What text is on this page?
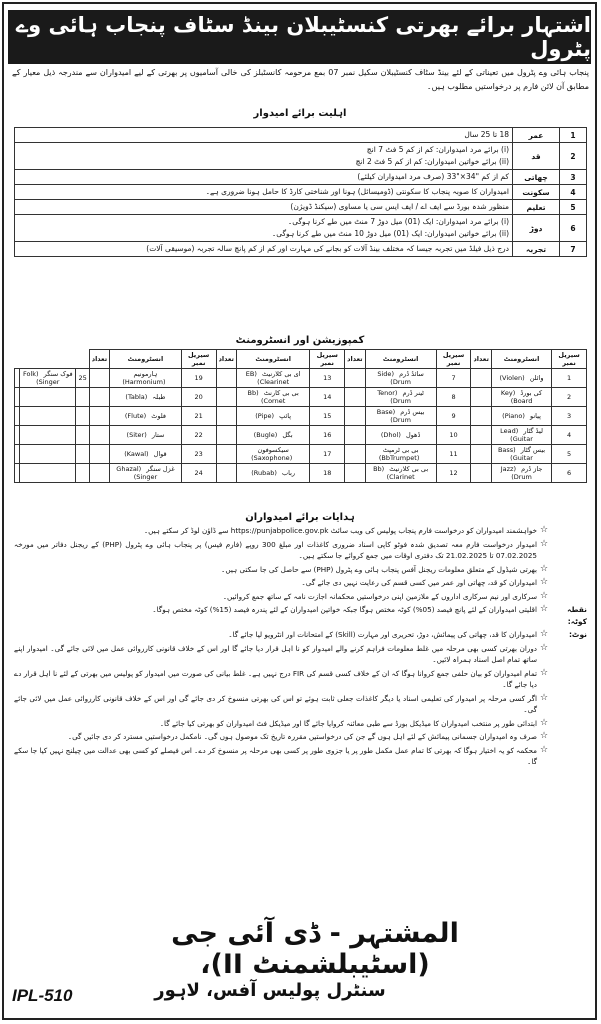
اشتہار برائے بھرتی کنسٹیبلان بینڈ سٹاف پنجاب ہائی وے پٹرول
پنجاب ہائی وے پٹرول میں تعیناتی کے لئے بینڈ سٹاف کنسٹیبلان سکیل نمبر 07 بمع مرحومہ کانسٹبلز کی خالی آسامیوں پر بھرتی کے لیے امیدواران سے مندرجہ ذیل معیار کے مطابق آن لائن فارم پر درخواستیں مطلوب ہیں۔
اہلیت برائے امیدوار
1	عمر	18 تا 25 سال

2	قد	(i) برائے مرد امیدواران: کم از کم 5 فٹ 7 انچ
(ii) برائے خواتین امیدواران: کم از کم 5 فٹ 2 انچ

3	چھاتی	کم از کم "34×"33 (صرف مرد امیدواران کیلئے)

4	سکونت	امیدواران کا صوبہ پنجاب کا سکونتی (ڈومیسائل) ہونا اور شناختی کارڈ کا حامل ہونا ضروری ہے۔

5	تعلیم	منظور شدہ بورڈ سے ایف اے / ایف ایس سی یا مساوی (سیکنڈ ڈویژن)

6	دوڑ	(i) برائے مرد امیدواران: ایک (01) میل دوڑ 7 منٹ میں طے کرنا ہوگی۔
(ii) برائے خواتین امیدواران: ایک (01) میل دوڑ 10 منٹ میں طے کرنا ہوگی۔

7	تجربہ	درج ذیل فیلڈ میں تجربہ جیسا کہ مختلف بینڈ آلات کو بجانے کی مہارت اور کم از کم پانچ سالہ تجربہ (موسیقی آلات)
کمپوزیشن اور انسٹرومنٹ
سیریل نمبر	انسٹرومنٹ	تعداد	سیریل نمبر	انسٹرومنٹ	تعداد	سیریل نمبر	انسٹرومنٹ	تعداد	سیریل نمبر	انسٹرومنٹ	تعداد			
1	وائلن (Violen)		7	سائڈ ڈرم (Side Drum)		13	ای بی کلارنیٹ (EB Clearinet)		19	ہارمونیم (Harmonium)		25	فوک سنگر (Folk Singer)	
2	کی بورڈ (Key Board)		8	ٹینر ڈرم (Tenor Drum)		14	بی بی کارنٹ (Bb Cornet)		20	طبلہ (Tabla)				
3	پیانو (Piano)		9	بیس ڈرم (Base Drum)		15	پائپ (Pipe)		21	فلوٹ (Flute)				
4	لیڈ گٹار (Lead Guitar)		10	ڈھول (Dhol)		16	بگل (Bugle)		22	ستار (Siter)				
5	بیس گٹار (Bass Guitar)		11	بی بی ٹرمپٹ (BbTrumpet)		17	سیکسوفون (Saxophone)		23	قوال (Kawal)				
6	جاز ڈرم (Jazz Drum)		12	بی بی کلارنیٹ (Bb Clarinet)		18	رباب (Rubab)		24	غزل سنگر (Ghazal Singer)				
ہدایات برائے امیدواران
☆
خواہشمند امیدواران کو درخواست فارم پنجاب پولیس کی ویب سائٹ https://punjabpolice.gov.pk سے ڈاؤن لوڈ کر سکتے ہیں۔
☆
امیدوار درخواست فارم معہ تصدیق شدہ فوٹو کاپی اسناد ضروری کاغذات اور مبلغ 300 روپے (فارم فیس) پر پنجاب ہائی وے پٹرول (PHP) کے ریجنل دفاتر میں مورخہ 07.02.2025 تا 21.02.2025 تک دفتری اوقات میں جمع کروائے جا سکتے ہیں۔
☆
بھرتی شیڈول کے متعلق معلومات ریجنل آفس پنجاب ہائی وے پٹرول (PHP) سے حاصل کی جا سکتی ہیں۔
☆
امیدواران کو قد، چھاتی اور عمر میں کسی قسم کی رعایت نہیں دی جائے گی۔
☆
سرکاری اور نیم سرکاری اداروں کے ملازمین اپنی درخواستیں محکمانہ اجازت نامہ کے ساتھ جمع کروائیں۔
نقطہ کوٹہ:
☆
اقلیتی امیدواران کے لئے پانچ فیصد (05%) کوٹہ مختص ہوگا جبکہ خواتین امیدواران کے لئے پندرہ فیصد (15%) کوٹہ مختص ہوگا۔
نوٹ:
☆
امیدواران کا قد، چھاتی کی پیمائش، دوڑ، تحریری اور مہارت (Skill) کے امتحانات اور انٹرویو لیا جائے گا۔
☆
دوران بھرتی کسی بھی مرحلہ میں غلط معلومات فراہم کرنے والے امیدوار کو نا اہل قرار دیا جائے گا اور اس کے خلاف قانونی کارروائی عمل میں لائی جائے گی۔ امیدوار اپنے ساتھ تمام اصل اسناد ہمراہ لائیں۔
☆
تمام امیدواران کو بیان حلفی جمع کروانا ہوگا کہ ان کے خلاف کسی قسم کی FIR درج نہیں ہے۔ غلط بیانی کی صورت میں امیدوار کو پولیس میں بھرتی کے لئے نا اہل قرار دے دیا جائے گا۔
☆
اگر کسی مرحلہ پر امیدوار کی تعلیمی اسناد یا دیگر کاغذات جعلی ثابت ہوئے تو اس کی بھرتی منسوخ کر دی جائے گی اور اس کے خلاف قانونی کارروائی عمل میں لائی جائے گی۔
☆
ابتدائی طور پر منتخب امیدواران کا میڈیکل بورڈ سے طبی معائنہ کروایا جائے گا اور میڈیکل فٹ امیدواران کو بھرتی کیا جائے گا۔
☆
صرف وہ امیدواران جسمانی پیمائش کے لئے اہل ہوں گے جن کی درخواستیں مقررہ تاریخ تک موصول ہوں گی۔ نامکمل درخواستیں مسترد کر دی جائیں گی۔
☆
محکمہ کو یہ اختیار ہوگا کہ بھرتی کا تمام عمل مکمل طور پر یا جزوی طور پر کسی بھی مرحلہ پر منسوخ کر دے۔ اس فیصلے کو کسی بھی عدالت میں چیلنج نہیں کیا جا سکے گا۔
المشتہر - ڈی آئی جی (اسٹیبلشمنٹ II)،
سنٹرل پولیس آفس، لاہور
IPL-510
